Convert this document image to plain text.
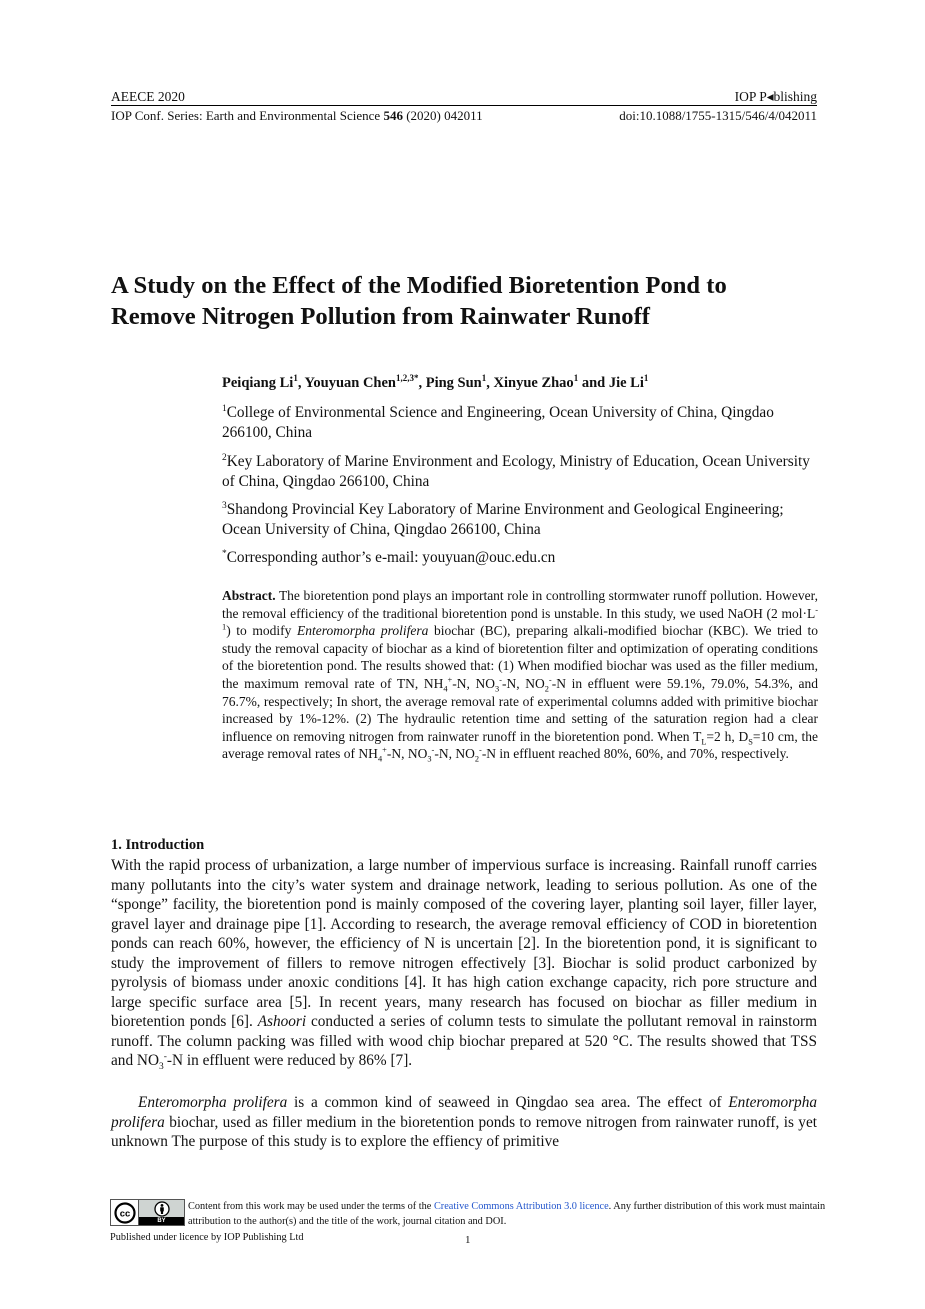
AEECE 2020	IOP P◂blishing
IOP Conf. Series: Earth and Environmental Science 546 (2020) 042011	doi:10.1088/1755-1315/546/4/042011
A Study on the Effect of the Modified Bioretention Pond to Remove Nitrogen Pollution from Rainwater Runoff
Peiqiang Li$^1$, Youyuan Chen$^{1,2,3*}$, Ping Sun$^1$, Xinyue Zhao$^1$ and Jie Li$^1$
$^1$College of Environmental Science and Engineering, Ocean University of China, Qingdao 266100, China
$^2$Key Laboratory of Marine Environment and Ecology, Ministry of Education, Ocean University of China, Qingdao 266100, China
$^3$Shandong Provincial Key Laboratory of Marine Environment and Geological Engineering; Ocean University of China, Qingdao 266100, China
*Corresponding author’s e-mail: youyuan@ouc.edu.cn

Abstract. The bioretention pond plays an important role in controlling stormwater runoff pollution. However, the removal efficiency of the traditional bioretention pond is unstable. In this study, we used NaOH (2 $mol\cdot L^{-1}$) to modify Enteromorpha prolifera biochar (BC), preparing alkali-modified biochar (KBC). We tried to study the removal capacity of biochar as a kind of bioretention filter and optimization of operating conditions of the bioretention pond. The results showed that: (1) When modified biochar was used as the filler medium, the maximum removal rate of TN, $NH_4^+-N$, $NO_3^--N$, $NO_2^--N$ in effluent were 59.1%, 79.0%, 54.3%, and 76.7%, respectively; In short, the average removal rate of experimental columns added with primitive biochar increased by 1%-12%. (2) The hydraulic retention time and setting of the saturation region had a clear influence on removing nitrogen from rainwater runoff in the bioretention pond. When $T_L=2$ h, $D_S=10$ cm, the average removal rates of $NH_4^+-N$, $NO_3^--N$, $NO_2^--N$ in effluent reached 80%, 60%, and 70%, respectively.

1. Introduction

With the rapid process of urbanization, a large number of impervious surface is increasing. Rainfall runoff carries many pollutants into the city’s water system and drainage network, leading to serious pollution. As one of the “sponge” facility, the bioretention pond is mainly composed of the covering layer, planting soil layer, filler layer, gravel layer and drainage pipe [1]. According to research, the average removal efficiency of COD in bioretention ponds can reach 60%, however, the efficiency of N is uncertain [2]. In the bioretention pond, it is significant to study the improvement of fillers to remove nitrogen effectively [3]. Biochar is solid product carbonized by pyrolysis of biomass under anoxic conditions [4]. It has high cation exchange capacity, rich pore structure and large specific surface area [5]. In recent years, many research has focused on biochar as filler medium in bioretention ponds [6]. Ashoori conducted a series of column tests to simulate the pollutant removal in rainstorm runoff. The column packing was filled with wood chip biochar prepared at 520 °C. The results showed that TSS and $NO_3^--N$ in effluent were reduced by 86% [7].

Enteromorpha prolifera is a common kind of seaweed in Qingdao sea area. The effect of Enteromorpha prolifera biochar, used as filler medium in the bioretention ponds to remove nitrogen from rainwater runoff, is yet unknown The purpose of this study is to explore the effiency of primitive

cc
BY

Content from this work may be used under the terms of the Creative Commons Attribution 3.0 licence. Any further distribution of this work must maintain attribution to the author(s) and the title of the work, journal citation and DOI.

Published under licence by IOP Publishing Ltd	1
